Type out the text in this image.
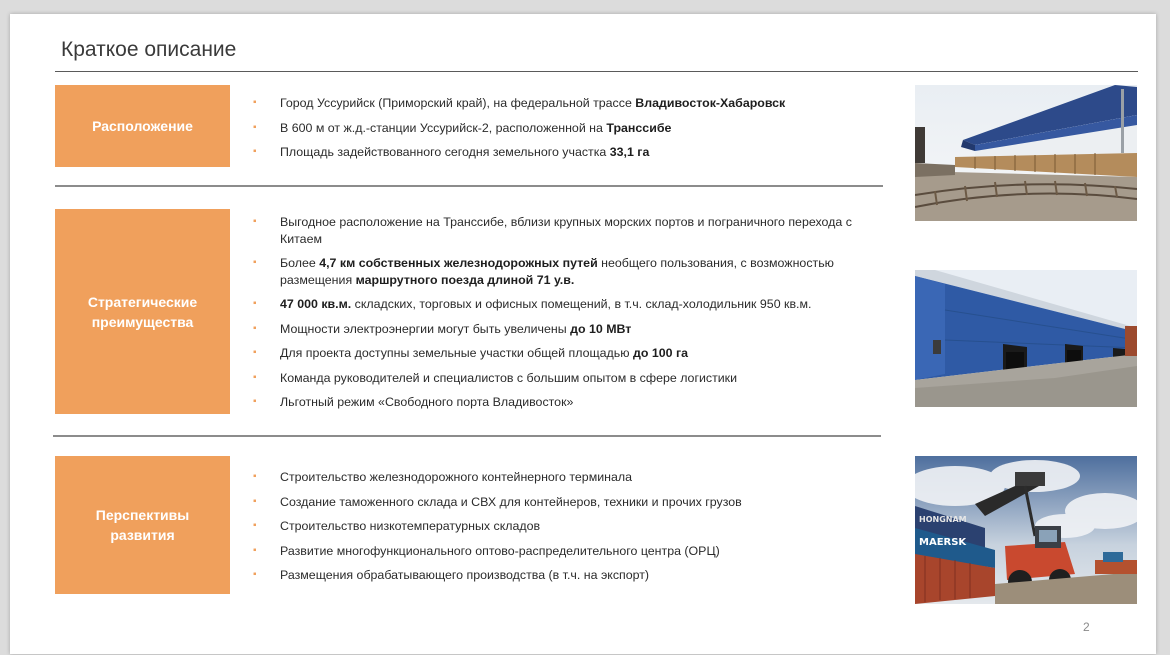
Краткое описание
Расположение
▪ Город Уссурийск (Приморский край), на федеральной трассе Владивосток-Хабаровск
▪ В 600 м от ж.д.-станции Уссурийск-2, расположенной на Транссибе
▪ Площадь задействованного сегодня земельного участка 33,1 га
Стратегические
преимущества
▪ Выгодное расположение на Транссибе, вблизи крупных морских портов и пограничного перехода с Китаем
▪ Более 4,7 км собственных железнодорожных путей необщего пользования, с возможностью размещения маршрутного поезда длиной 71 у.в.
▪ 47 000 кв.м. складских, торговых и офисных помещений, в т.ч. склад-холодильник 950 кв.м.
▪ Мощности электроэнергии могут быть увеличены до 10 МВт
▪ Для проекта доступны земельные участки общей площадью до 100 га
▪ Команда руководителей и специалистов с большим опытом в сфере логистики
▪ Льготный режим «Свободного порта Владивосток»
Перспективы
развития
▪ Строительство железнодорожного контейнерного терминала
▪ Создание таможенного склада и СВХ для контейнеров, техники и прочих грузов
▪ Строительство низкотемпературных складов
▪ Развитие многофункционального оптово-распределительного центра (ОРЦ)
▪ Размещения обрабатывающего производства (в т.ч. на экспорт)
HONGNAM
MAERSK
2
